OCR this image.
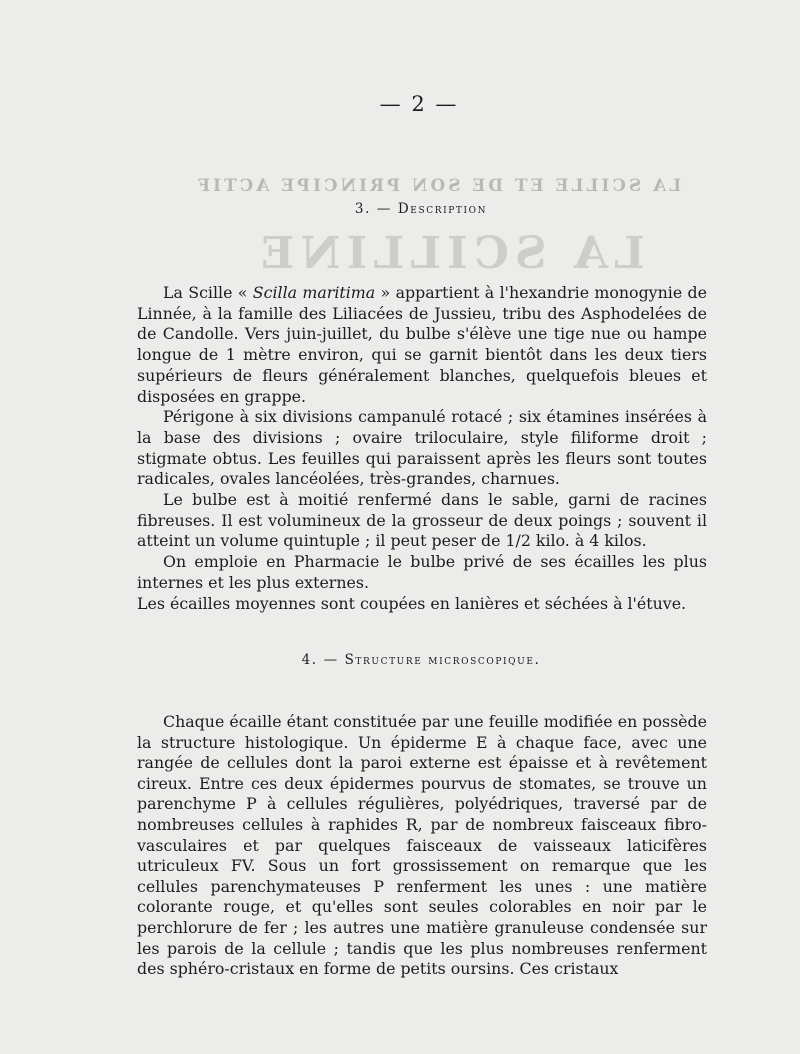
LA SCILLE ET DE SON PRINCIPE ACTIF
LA SCILLINE
— 2 —
3. — Description

La Scille « Scilla maritima » appartient à l'hexandrie monogynie de Linnée, à la famille des Liliacées de Jussieu, tribu des Asphodelées de de Candolle. Vers juin-juillet, du bulbe s'élève une tige nue ou hampe longue de 1 mètre environ, qui se garnit bientôt dans les deux tiers supérieurs de fleurs généralement blanches, quelquefois bleues et disposées en grappe.

Périgone à six divisions campanulé rotacé ; six étamines insérées à la base des divisions ; ovaire triloculaire, style filiforme droit ; stigmate obtus. Les feuilles qui paraissent après les fleurs sont toutes radicales, ovales lancéolées, très-grandes, charnues.

Le bulbe est à moitié renfermé dans le sable, garni de racines fibreuses. Il est volumineux de la grosseur de deux poings ; souvent il atteint un volume quintuple ; il peut peser de 1/2 kilo. à 4 kilos.

On emploie en Pharmacie le bulbe privé de ses écailles les plus internes et les plus externes.

Les écailles moyennes sont coupées en lanières et séchées à l'étuve.

4. — Structure microscopique.

Chaque écaille étant constituée par une feuille modifiée en possède la structure histologique. Un épiderme E à chaque face, avec une rangée de cellules dont la paroi externe est épaisse et à revêtement cireux. Entre ces deux épidermes pourvus de stomates, se trouve un parenchyme P à cellules régulières, polyédriques, traversé par de nombreuses cellules à raphides R, par de nombreux faisceaux fibro-vasculaires et par quelques faisceaux de vaisseaux laticifères utriculeux FV. Sous un fort grossissement on remarque que les cellules parenchymateuses P renferment les unes : une matière colorante rouge, et qu'elles sont seules colorables en noir par le perchlorure de fer ; les autres une matière granuleuse condensée sur les parois de la cellule ; tandis que les plus nombreuses renferment des sphéro-cristaux en forme de petits oursins. Ces cristaux
